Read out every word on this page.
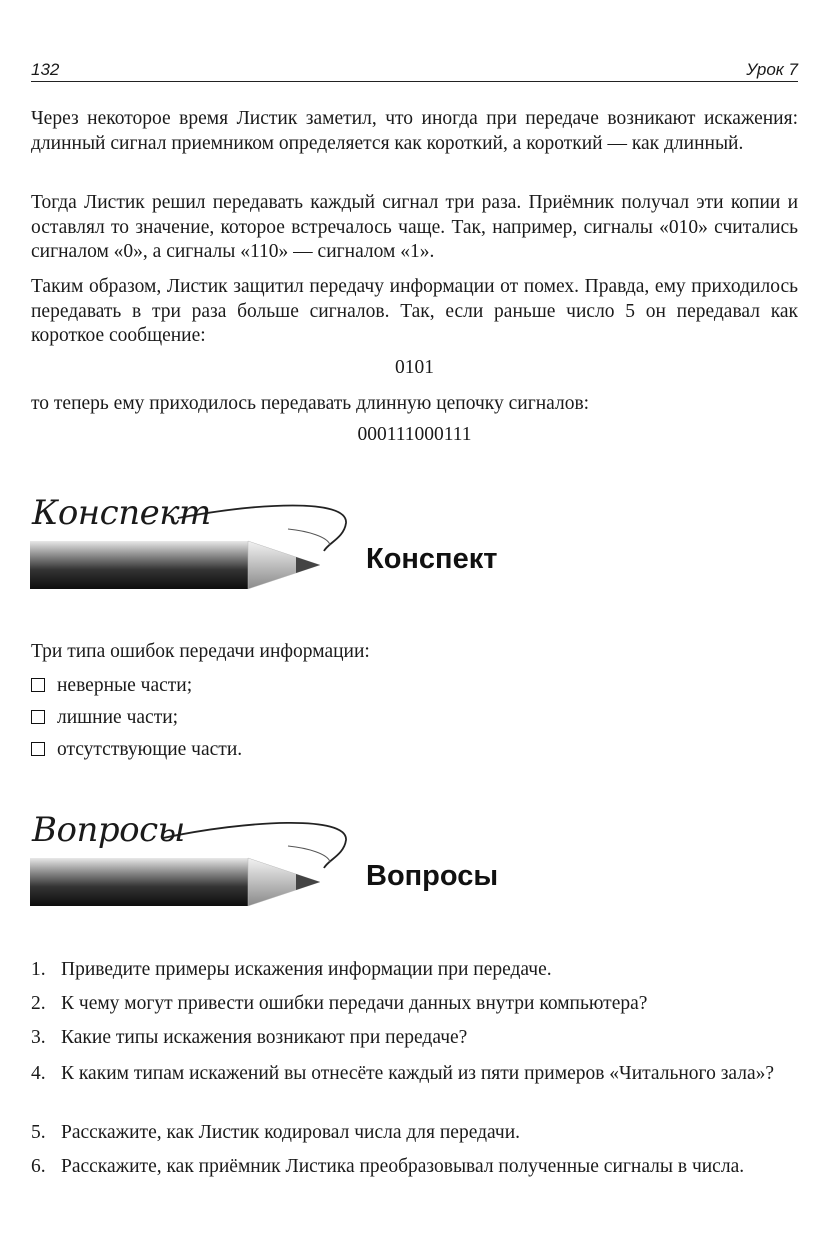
132	Урок 7

Через некоторое время Листик заметил, что иногда при передаче возникают искажения: длинный сигнал приемником определяется как короткий, а короткий — как длинный.

Тогда Листик решил передавать каждый сигнал три раза. Приёмник получал эти копии и оставлял то значение, которое встречалось чаще. Так, например, сигналы «010» считались сигналом «0», а сигналы «110» — сигналом «1».

Таким образом, Листик защитил передачу информации от помех. Правда, ему приходилось передавать в три раза больше сигналов. Так, если раньше число 5 он передавал как короткое сообщение:

0101

то теперь ему приходилось передавать длинную цепочку сигналов:

000111000111
Конспект
Конспект

Три типа ошибок передачи информации:

неверные части;
лишние части;
отсутствующие части.
Вопросы
Вопросы
1. Приведите примеры искажения информации при передаче.
2. К чему могут привести ошибки передачи данных внутри компьютера?
3. Какие типы искажения возникают при передаче?
4. К каким типам искажений вы отнесёте каждый из пяти примеров «Читального зала»?
5. Расскажите, как Листик кодировал числа для передачи.
6. Расскажите, как приёмник Листика преобразовывал полученные сигналы в числа.
